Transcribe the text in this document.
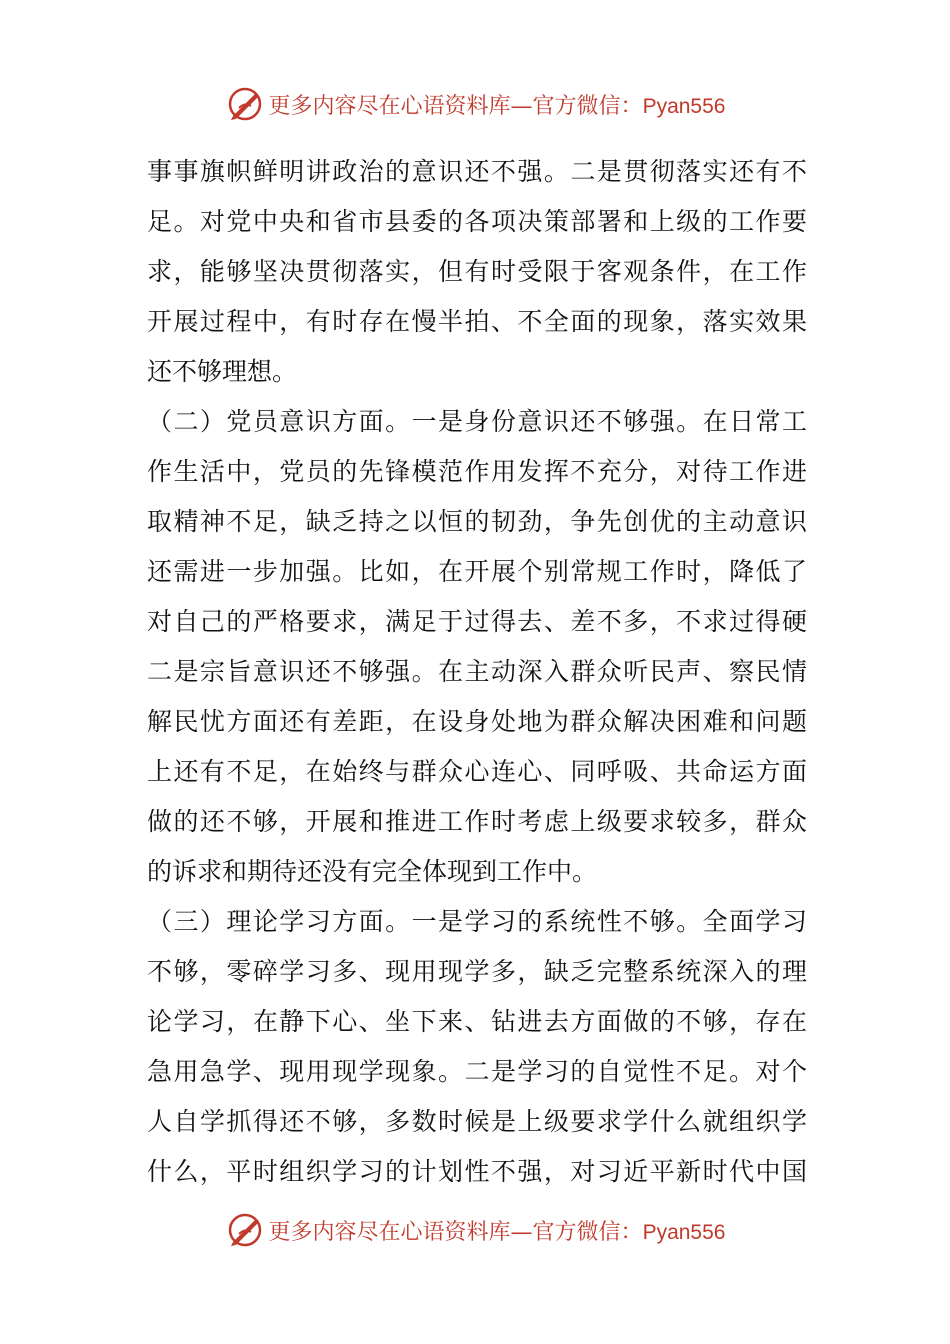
更多内容尽在心语资料库—官方微信：Pyan556
事事旗帜鲜明讲政治的意识还不强。二是贯彻落实还有不
足。对党中央和省市县委的各项决策部署和上级的工作要
求，能够坚决贯彻落实，但有时受限于客观条件，在工作
开展过程中，有时存在慢半拍、不全面的现象，落实效果
还不够理想。
（二）党员意识方面。一是身份意识还不够强。在日常工
作生活中，党员的先锋模范作用发挥不充分，对待工作进
取精神不足，缺乏持之以恒的韧劲，争先创优的主动意识
还需进一步加强。比如，在开展个别常规工作时，降低了
对自己的严格要求，满足于过得去、差不多，不求过得硬
二是宗旨意识还不够强。在主动深入群众听民声、察民情
解民忧方面还有差距，在设身处地为群众解决困难和问题
上还有不足，在始终与群众心连心、同呼吸、共命运方面
做的还不够，开展和推进工作时考虑上级要求较多，群众
的诉求和期待还没有完全体现到工作中。
（三）理论学习方面。一是学习的系统性不够。全面学习
不够，零碎学习多、现用现学多，缺乏完整系统深入的理
论学习，在静下心、坐下来、钻进去方面做的不够，存在
急用急学、现用现学现象。二是学习的自觉性不足。对个
人自学抓得还不够，多数时候是上级要求学什么就组织学
什么，平时组织学习的计划性不强，对习近平新时代中国
更多内容尽在心语资料库—官方微信：Pyan556
